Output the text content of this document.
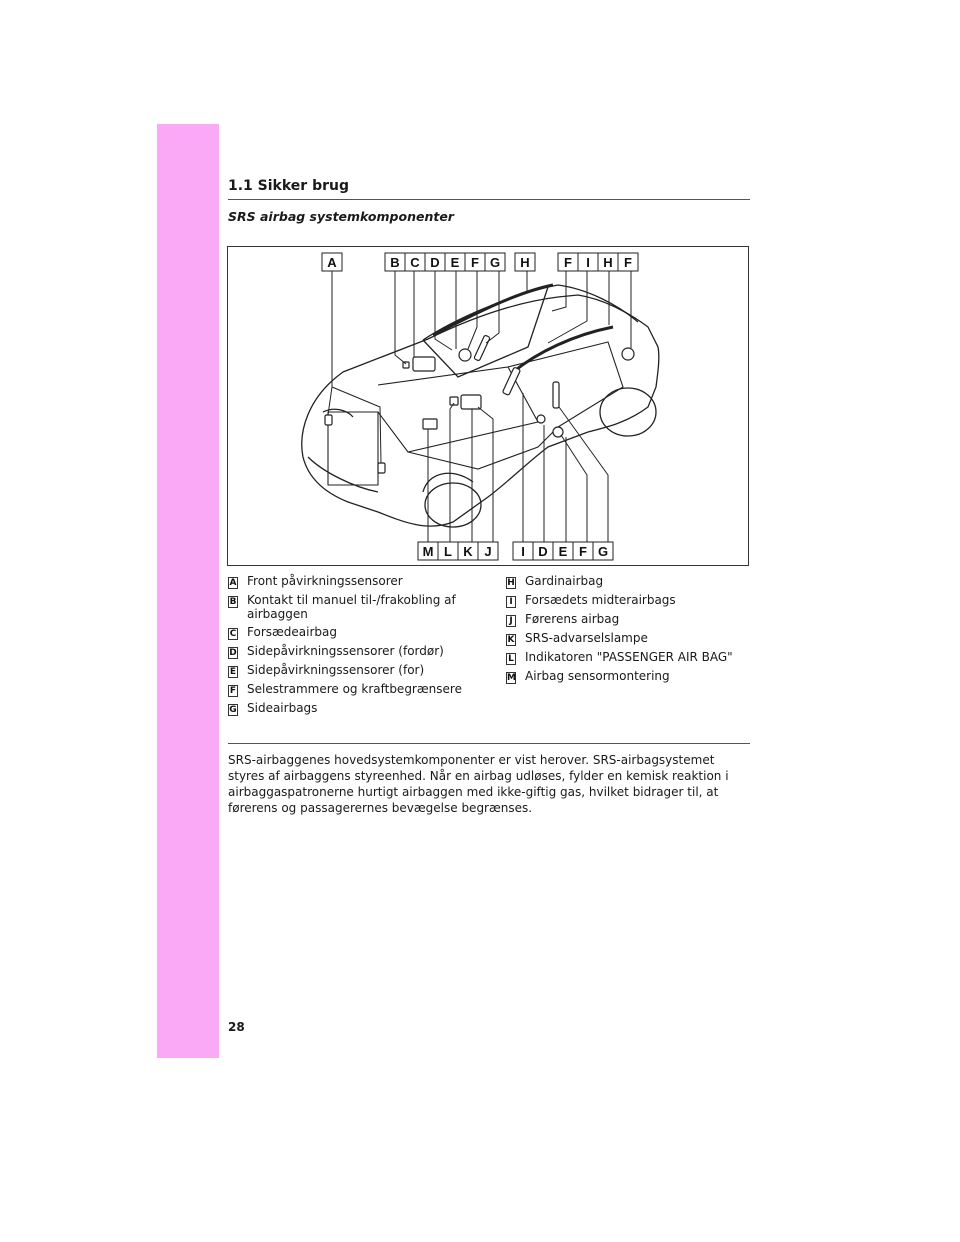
1.1 Sikker brug
SRS airbag systemkomponenter
A	B C D E F G H	F I H F
M L K J I D E F G
A Front påvirkningssensorer
B Kontakt til manuel til-/frakobling af airbaggen
C Forsædeairbag
D Sidepåvirkningssensorer (fordør)
E Sidepåvirkningssensorer (for)
F Selestrammere og kraftbegrænsere
G Sideairbags
H Gardinairbag
I Forsædets midterairbags
J Førerens airbag
K SRS-advarselslampe
L Indikatoren "PASSENGER AIR BAG"
M Airbag sensormontering

SRS-airbaggenes hovedsystemkomponenter er vist herover. SRS-airbagsystemet styres af airbaggens styreenhed. Når en airbag udløses, fylder en kemisk reaktion i airbaggaspatronerne hurtigt airbaggen med ikke-giftig gas, hvilket bidrager til, at førerens og passagerernes bevægelse begrænses.

28
